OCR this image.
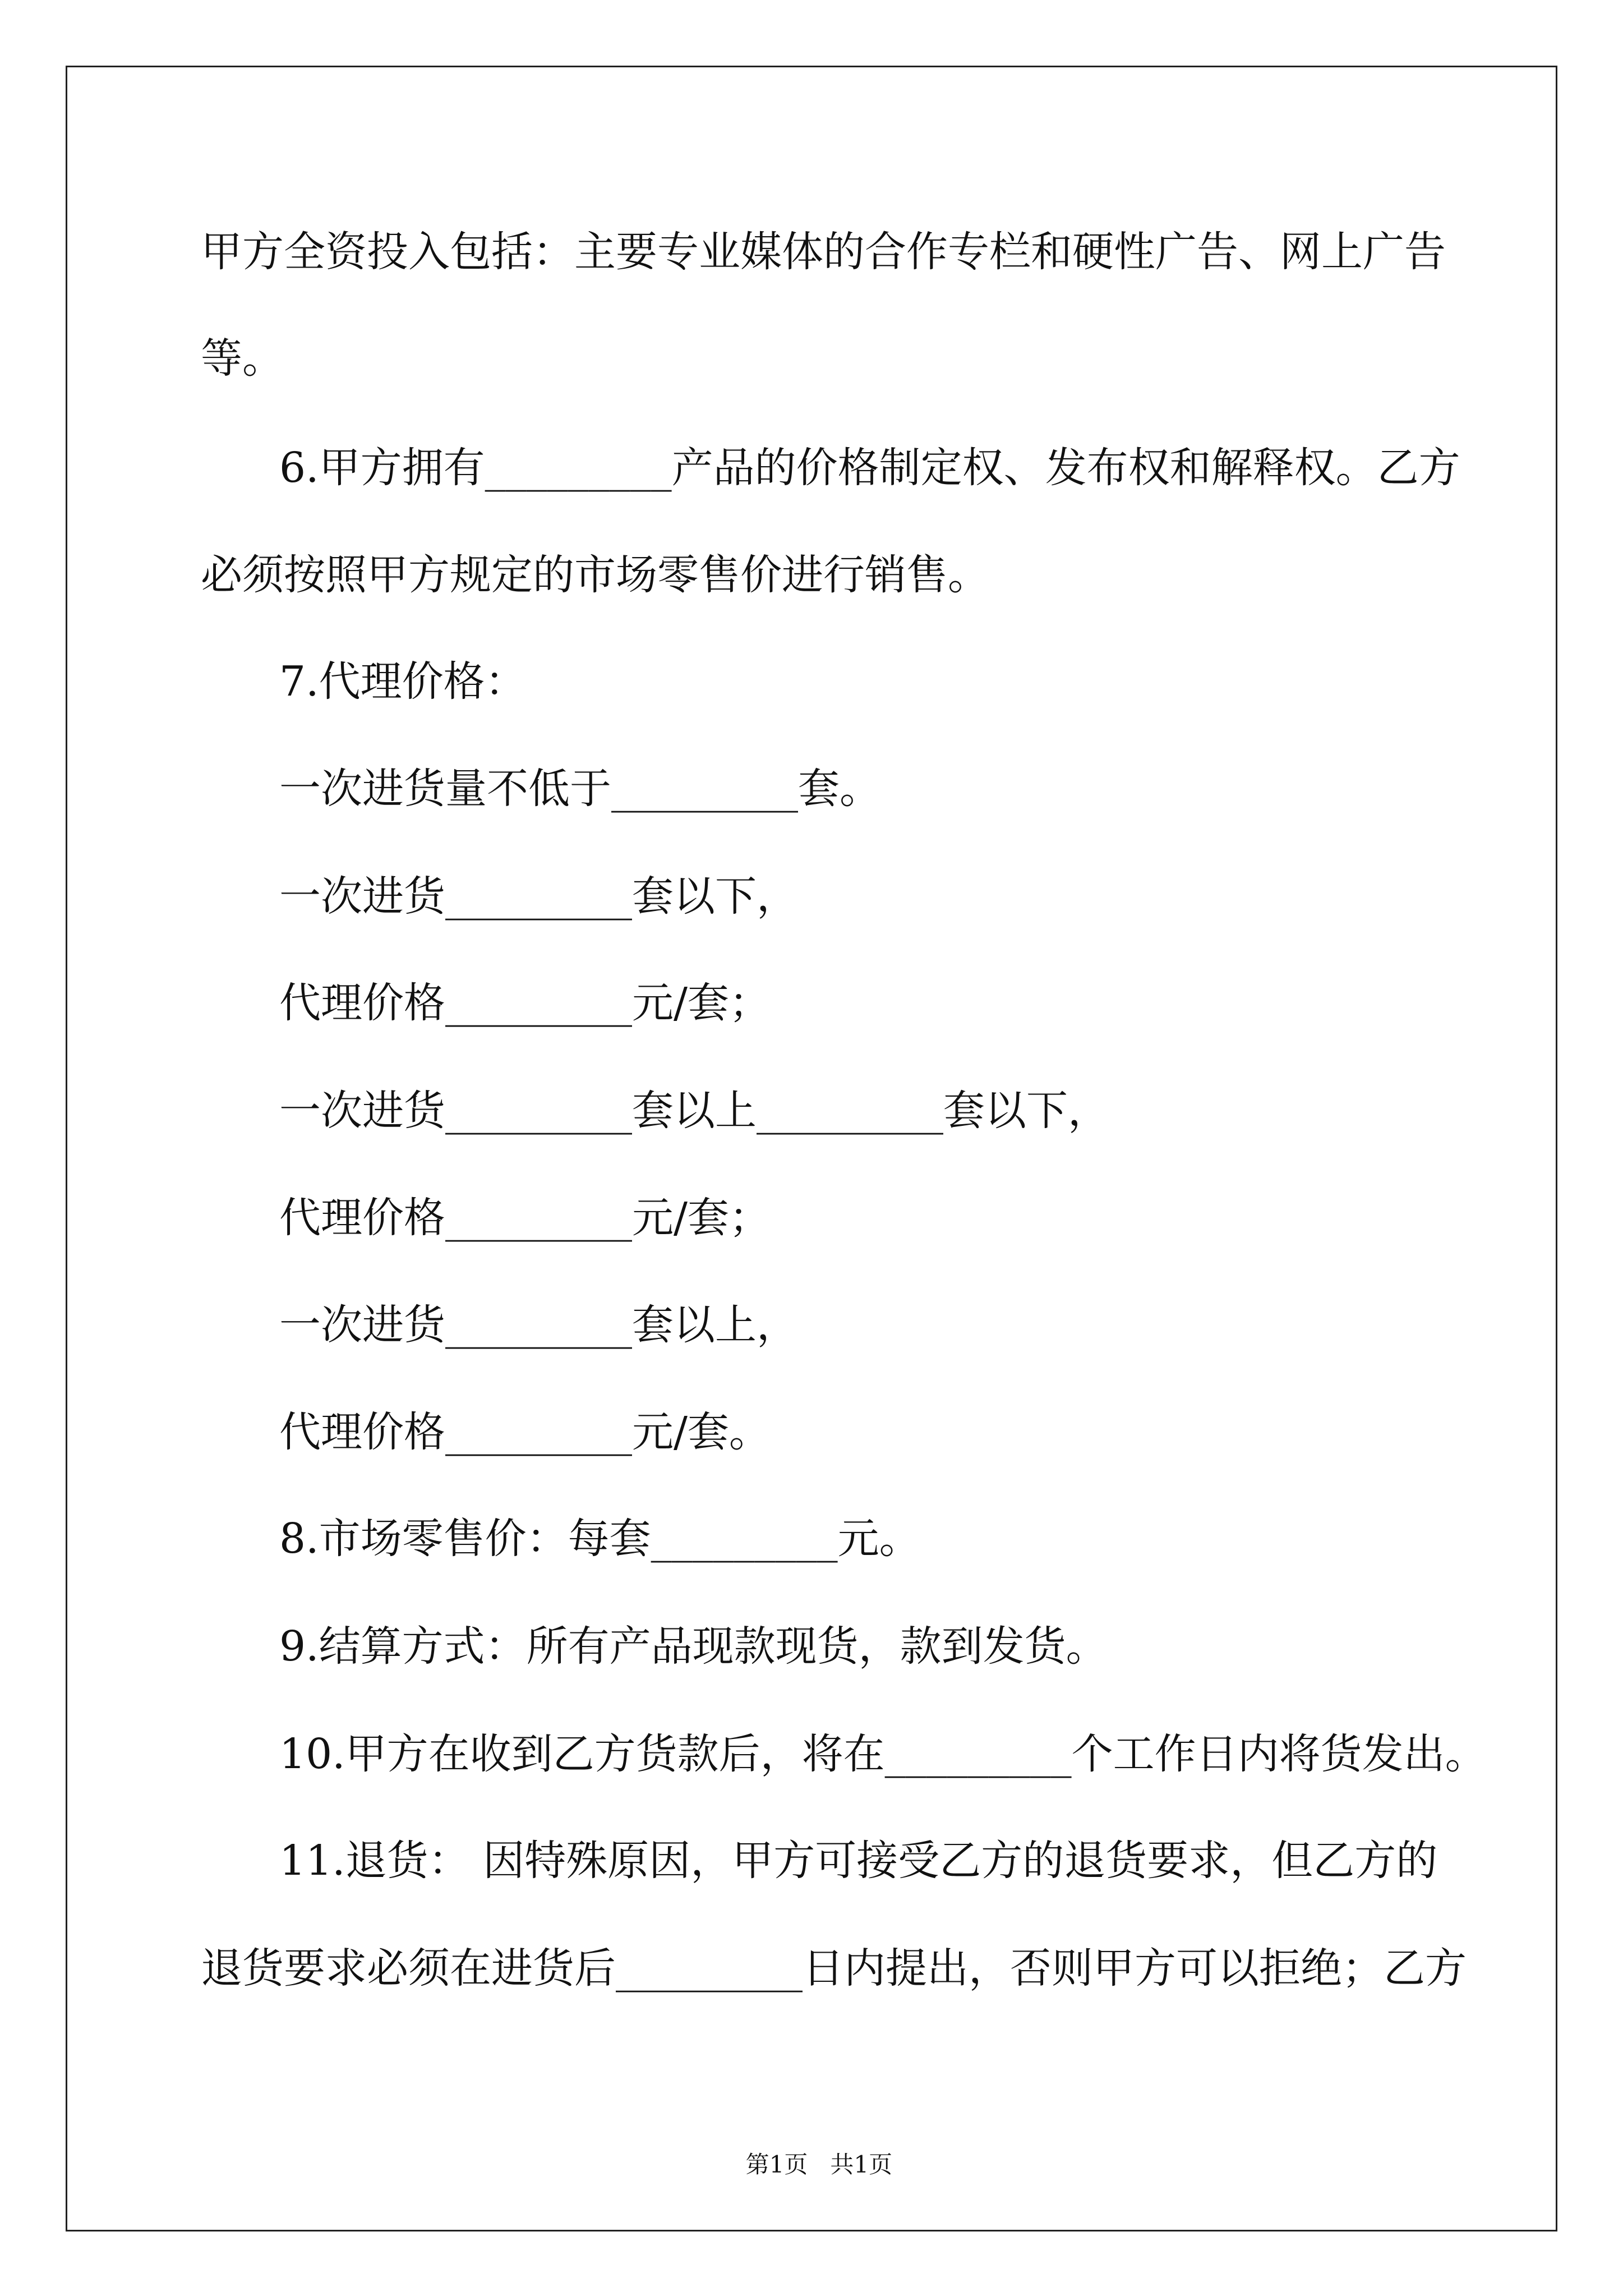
甲方全资投入包括：主要专业媒体的合作专栏和硬性广告、网上广告

等。

6.甲方拥有_________产品的价格制定权、发布权和解释权。乙方

必须按照甲方规定的市场零售价进行销售。

7.代理价格：

一次进货量不低于_________套。

一次进货_________套以下，

代理价格_________元/套；

一次进货_________套以上_________套以下，

代理价格_________元/套；

一次进货_________套以上，

代理价格_________元/套。

8.市场零售价：每套_________元。

9.结算方式：所有产品现款现货，款到发货。

10.甲方在收到乙方货款后，将在_________个工作日内将货发出。

11.退货： 因特殊原因，甲方可接受乙方的退货要求，但乙方的

退货要求必须在进货后_________日内提出，否则甲方可以拒绝；乙方

第1页   共1页
